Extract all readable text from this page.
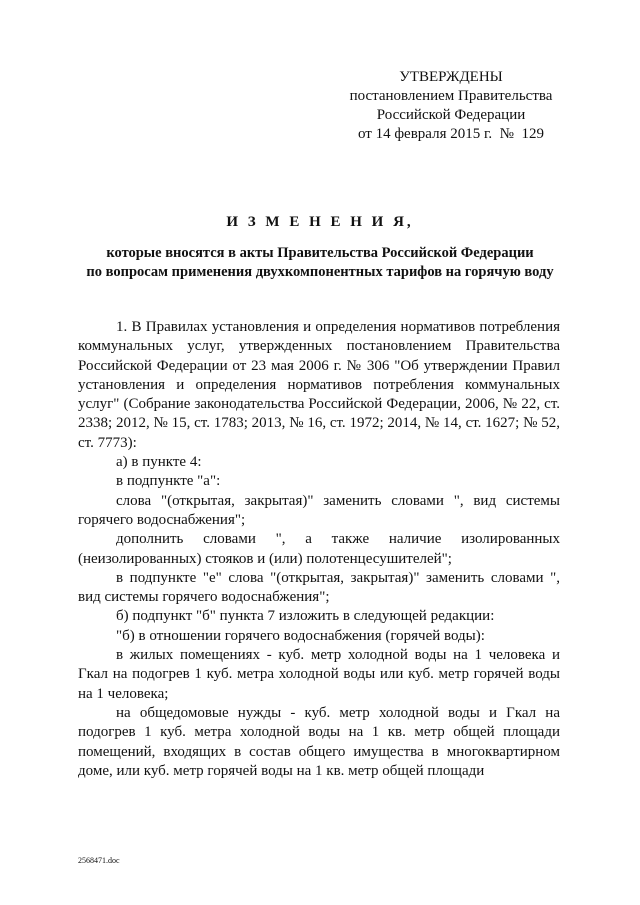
УТВЕРЖДЕНЫ
постановлением Правительства
Российской Федерации
от 14 февраля 2015 г.  №  129
И З М Е Н Е Н И Я,
которые вносятся в акты Правительства Российской Федерации
по вопросам применения двухкомпонентных тарифов на горячую воду

1. В Правилах установления и определения нормативов потребления коммунальных услуг, утвержденных постановлением Правительства Российской Федерации от 23 мая 2006 г. № 306 "Об утверждении Правил установления и определения нормативов потребления коммунальных услуг" (Собрание законодательства Российской Федерации, 2006, № 22, ст. 2338; 2012, № 15, ст. 1783; 2013, № 16, ст. 1972; 2014, № 14, ст. 1627; № 52, ст. 7773):

а) в пункте 4:

в подпункте "а":

слова "(открытая, закрытая)" заменить словами ", вид системы горячего водоснабжения";

дополнить словами ", а также наличие изолированных (неизолированных) стояков и (или) полотенцесушителей";

в подпункте "е" слова "(открытая, закрытая)" заменить словами ", вид системы горячего водоснабжения";

б) подпункт "б" пункта 7 изложить в следующей редакции:

"б) в отношении горячего водоснабжения (горячей воды):

в жилых помещениях - куб. метр холодной воды на 1 человека и Гкал на подогрев 1 куб. метра холодной воды или куб. метр горячей воды на 1 человека;

на общедомовые нужды - куб. метр холодной воды и Гкал на подогрев 1 куб. метра холодной воды на 1 кв. метр общей площади помещений, входящих в состав общего имущества в многоквартирном доме, или куб. метр горячей воды на 1 кв. метр общей площади

2568471.doc
